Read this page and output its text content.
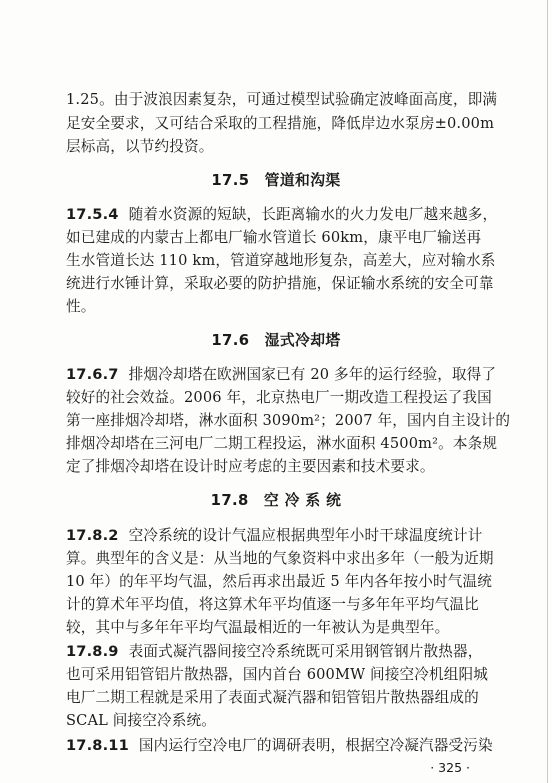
1.25。由于波浪因素复杂，可通过模型试验确定波峰面高度，即满
足安全要求，又可结合采取的工程措施，降低岸边水泵房±0.00m
层标高，以节约投资。
17.5　管道和沟渠
17.5.4 随着水资源的短缺，长距离输水的火力发电厂越来越多，
如已建成的内蒙古上都电厂输水管道长 60km，康平电厂输送再
生水管道长达 110 km，管道穿越地形复杂，高差大，应对输水系
统进行水锤计算，采取必要的防护措施，保证输水系统的安全可靠
性。
17.6　湿式冷却塔
17.6.7 排烟冷却塔在欧洲国家已有 20 多年的运行经验，取得了
较好的社会效益。2006 年，北京热电厂一期改造工程投运了我国
第一座排烟冷却塔，淋水面积 3090m²；2007 年，国内自主设计的
排烟冷却塔在三河电厂二期工程投运，淋水面积 4500m²。本条规
定了排烟冷却塔在设计时应考虑的主要因素和技术要求。
17.8　空 冷 系 统
17.8.2 空冷系统的设计气温应根据典型年小时干球温度统计计
算。典型年的含义是：从当地的气象资料中求出多年（一般为近期
10 年）的年平均气温，然后再求出最近 5 年内各年按小时气温统
计的算术年平均值，将这算术年平均值逐一与多年年平均气温比
较，其中与多年年平均气温最相近的一年被认为是典型年。
17.8.9 表面式凝汽器间接空冷系统既可采用钢管钢片散热器，
也可采用铝管铝片散热器，国内首台 600MW 间接空冷机组阳城
电厂二期工程就是采用了表面式凝汽器和铝管铝片散热器组成的
SCAL 间接空冷系统。
17.8.11 国内运行空冷电厂的调研表明，根据空冷凝汽器受污染
· 325 ·
